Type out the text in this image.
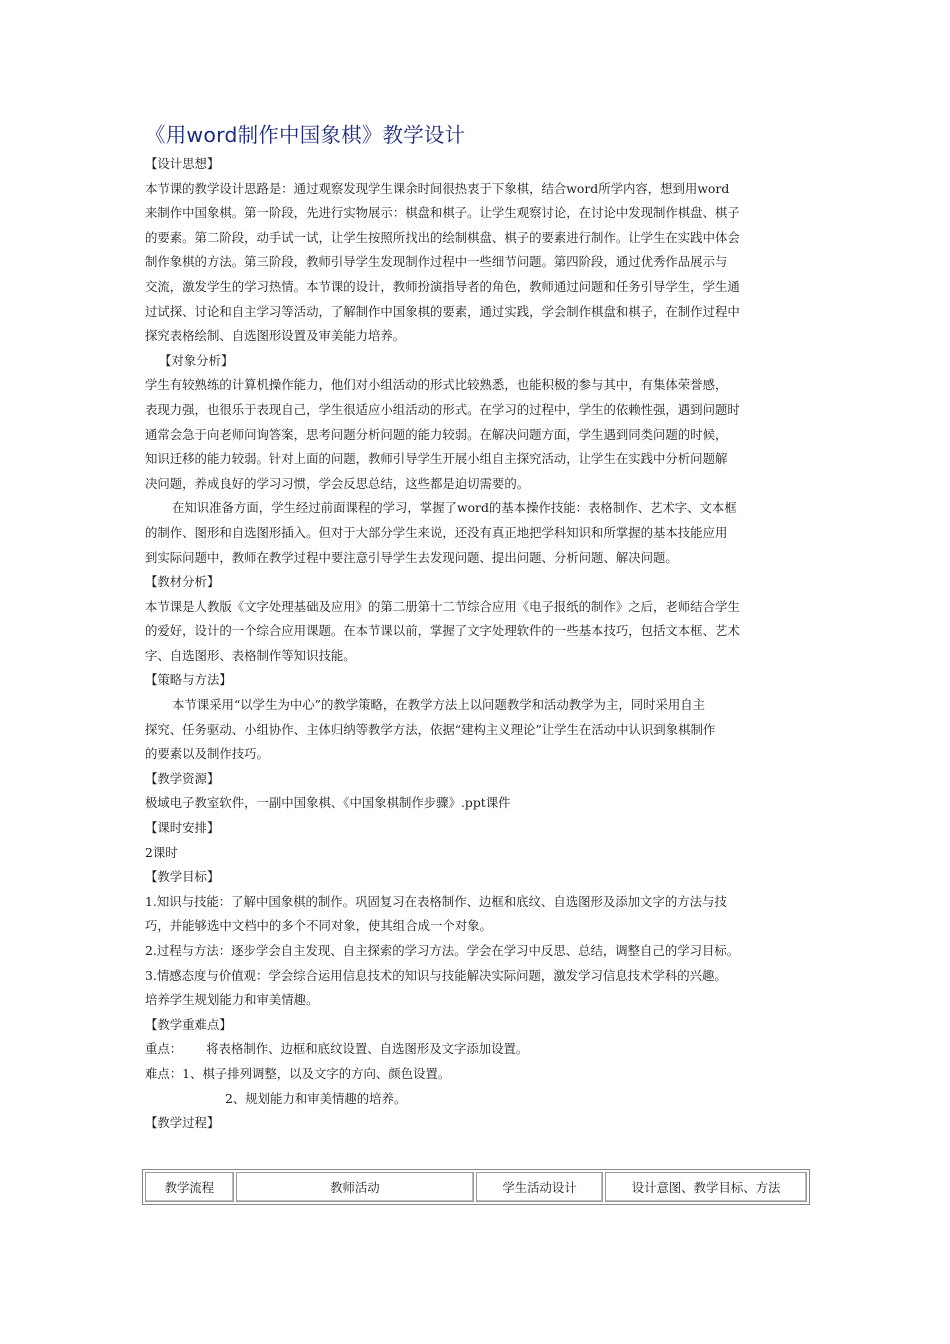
《用word制作中国象棋》教学设计
【设计思想】
本节课的教学设计思路是：通过观察发现学生课余时间很热衷于下象棋，结合word所学内容，想到用word
来制作中国象棋。第一阶段，先进行实物展示：棋盘和棋子。让学生观察讨论，在讨论中发现制作棋盘、棋子
的要素。第二阶段，动手试一试，让学生按照所找出的绘制棋盘、棋子的要素进行制作。让学生在实践中体会
制作象棋的方法。第三阶段，教师引导学生发现制作过程中一些细节问题。第四阶段，通过优秀作品展示与
交流，激发学生的学习热情。本节课的设计，教师扮演指导者的角色，教师通过问题和任务引导学生，学生通
过试探、讨论和自主学习等活动，了解制作中国象棋的要素，通过实践，学会制作棋盘和棋子，在制作过程中
探究表格绘制、自选图形设置及审美能力培养。
【对象分析】
学生有较熟练的计算机操作能力，他们对小组活动的形式比较熟悉，也能积极的参与其中，有集体荣誉感，
表现力强，也很乐于表现自己，学生很适应小组活动的形式。在学习的过程中，学生的依赖性强，遇到问题时
通常会急于向老师问询答案，思考问题分析问题的能力较弱。在解决问题方面，学生遇到同类问题的时候，
知识迁移的能力较弱。针对上面的问题，教师引导学生开展小组自主探究活动，让学生在实践中分析问题解
决问题，养成良好的学习习惯，学会反思总结，这些都是迫切需要的。
在知识准备方面，学生经过前面课程的学习，掌握了word的基本操作技能：表格制作、艺术字、文本框
的制作、图形和自选图形插入。但对于大部分学生来说，还没有真正地把学科知识和所掌握的基本技能应用
到实际问题中，教师在教学过程中要注意引导学生去发现问题、提出问题、分析问题、解决问题。
【教材分析】
本节课是人教版《文字处理基础及应用》的第二册第十二节综合应用《电子报纸的制作》之后，老师结合学生
的爱好，设计的一个综合应用课题。在本节课以前，掌握了文字处理软件的一些基本技巧，包括文本框、艺术
字、自选图形、表格制作等知识技能。
【策略与方法】
本节课采用“以学生为中心”的教学策略，在教学方法上以问题教学和活动教学为主，同时采用自主
探究、任务驱动、小组协作、主体归纳等教学方法，依据“建构主义理论”让学生在活动中认识到象棋制作
的要素以及制作技巧。
【教学资源】
极域电子教室软件，一副中国象棋、《中国象棋制作步骤》.ppt课件
【课时安排】
2课时
【教学目标】
1.知识与技能：了解中国象棋的制作。巩固复习在表格制作、边框和底纹、自选图形及添加文字的方法与技
巧，并能够选中文档中的多个不同对象，使其组合成一个对象。
2.过程与方法：逐步学会自主发现、自主探索的学习方法。学会在学习中反思、总结，调整自己的学习目标。
3.情感态度与价值观：学会综合运用信息技术的知识与技能解决实际问题，激发学习信息技术学科的兴趣。
培养学生规划能力和审美情趣。
【教学重难点】
重点： 将表格制作、边框和底纹设置、自选图形及文字添加设置。
难点：1、棋子排列调整，以及文字的方向、颜色设置。
2、规划能力和审美情趣的培养。
【教学过程】
教学流程	教师活动	学生活动设计	设计意图、教学目标、方法
